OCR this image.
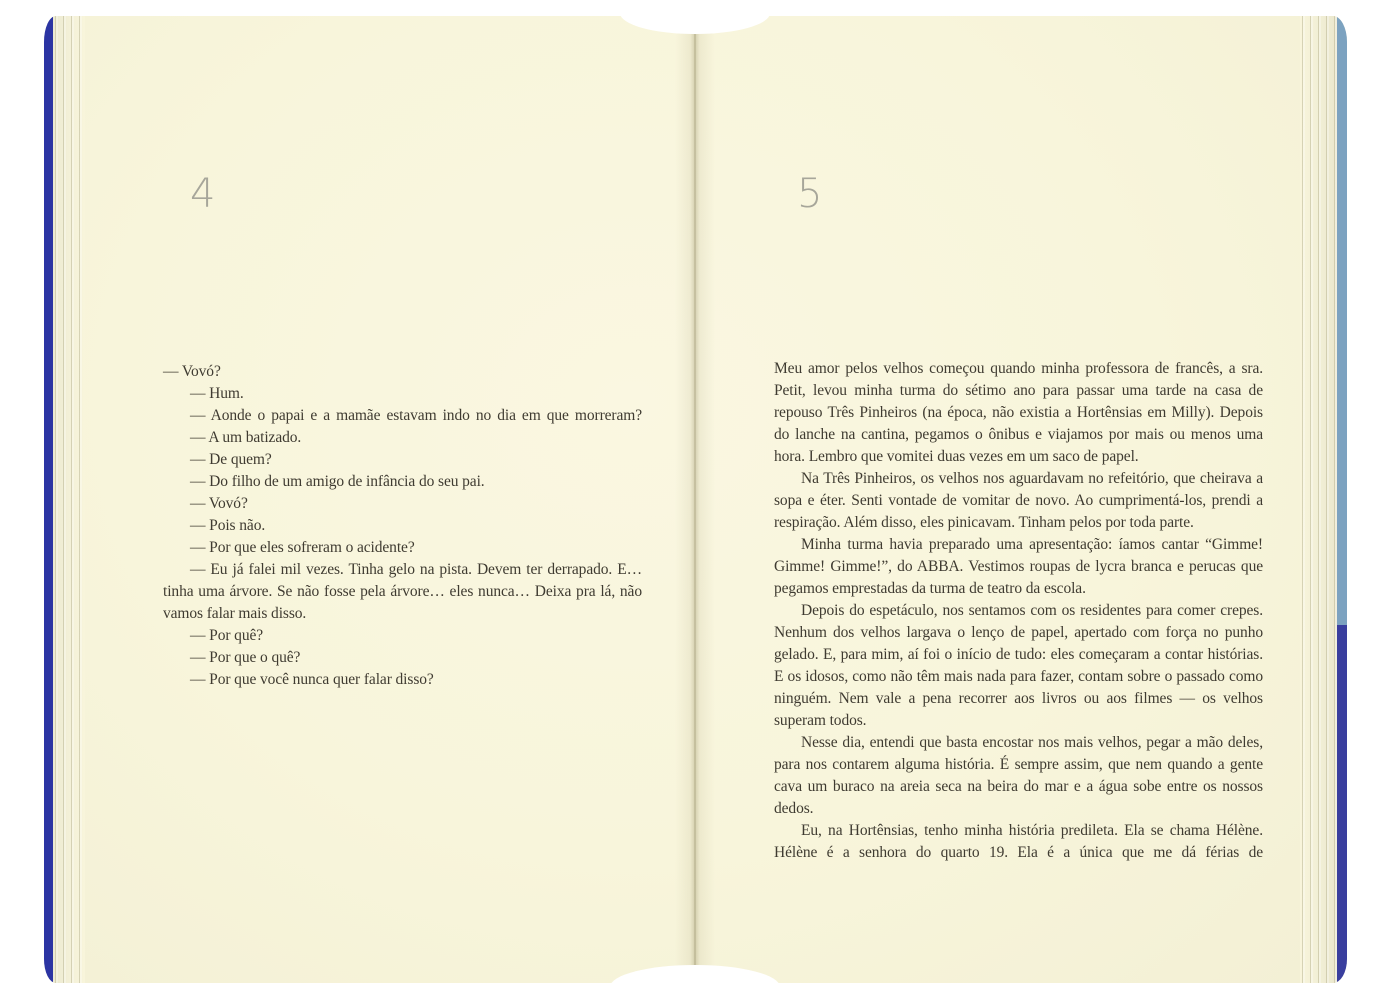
4

— Vovó?

— Hum.

— Aonde o papai e a mamãe estavam indo no dia em que morreram?

— A um batizado.

— De quem?

— Do filho de um amigo de infância do seu pai.

— Vovó?

— Pois não.

— Por que eles sofreram o acidente?

— Eu já falei mil vezes. Tinha gelo na pista. Devem ter derrapado. E… tinha uma árvore. Se não fosse pela árvore… eles nunca… Deixa pra lá, não vamos falar mais disso.

— Por quê?

— Por que o quê?

— Por que você nunca quer falar disso?

5

Meu amor pelos velhos começou quando minha professora de francês, a sra. Petit, levou minha turma do sétimo ano para passar uma tarde na casa de repouso Três Pinheiros (na época, não existia a Hortênsias em Milly). Depois do lanche na cantina, pegamos o ônibus e viajamos por mais ou menos uma hora. Lembro que vomitei duas vezes em um saco de papel.

Na Três Pinheiros, os velhos nos aguardavam no refeitório, que cheirava a sopa e éter. Senti vontade de vomitar de novo. Ao cumprimentá-los, prendi a respiração. Além disso, eles pinicavam. Tinham pelos por toda parte.

Minha turma havia preparado uma apresentação: íamos cantar “Gimme! Gimme! Gimme!”, do ABBA. Vestimos roupas de lycra branca e perucas que pegamos emprestadas da turma de teatro da escola.

Depois do espetáculo, nos sentamos com os residentes para comer crepes. Nenhum dos velhos largava o lenço de papel, apertado com força no punho gelado. E, para mim, aí foi o início de tudo: eles começaram a contar histórias. E os idosos, como não têm mais nada para fazer, contam sobre o passado como ninguém. Nem vale a pena recorrer aos livros ou aos filmes — os velhos superam todos.

Nesse dia, entendi que basta encostar nos mais velhos, pegar a mão deles, para nos contarem alguma história. É sempre assim, que nem quando a gente cava um buraco na areia seca na beira do mar e a água sobe entre os nossos dedos.

Eu, na Hortênsias, tenho minha história predileta. Ela se chama Hélène. Hélène é a senhora do quarto 19. Ela é a única que me dá férias de
